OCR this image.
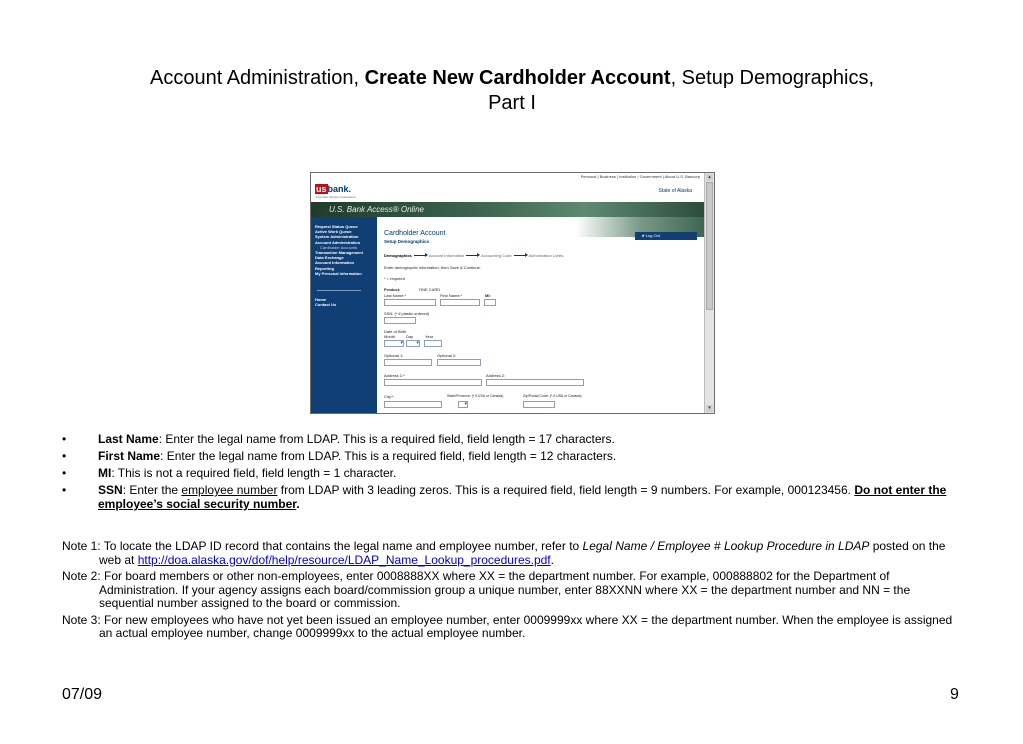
Account Administration, Create New Cardholder Account, Setup Demographics,
Part I
Personal | Business | Institution / Government | About U.S. Bancorp
usbank.
Five Star Service Guaranteed
State of Alaska
U.S. Bank Access® Online
Request Status Queue
Active Work Queue
System Administration
Account Administration
Cardholder Accounts
Transaction Management
Data Exchange
Account Information
Reporting
My Personal Information
Home
Contact Us
Cardholder Account
Setup Demographics
★ Log Out
Demographics	Account Information	Accounting Code	Authorization Limits
Enter demographic information, then Save & Continue.
* = required
Product:	ONE CARD
Last Name:*	First Name:*	MI:
SSN: (* if plastic ordered)
Date of Birth
Month	Day	Year
▾
▾
Optional 1:	Optional 2:
Address 1:*	Address 2:
City:*	State/Province: (* if USA or Canada)	Zip/Postal Code: (* if USA or Canada)
▾
▴
▾
•	Last Name: Enter the legal name from LDAP. This is a required field, field length = 17 characters.
•	First Name: Enter the legal name from LDAP. This is a required field, field length = 12 characters.
•	MI: This is not a required field, field length = 1 character.
•	SSN: Enter the employee number from LDAP with 3 leading zeros. This is a required field, field length = 9 numbers. For example, 000123456. Do not enter the employee’s social security number.
Note 1: To locate the LDAP ID record that contains the legal name and employee number, refer to Legal Name / Employee # Lookup Procedure in LDAP posted on the web at http://doa.alaska.gov/dof/help/resource/LDAP_Name_Lookup_procedures.pdf.
Note 2: For board members or other non-employees, enter 0008888XX where XX = the department number. For example, 000888802 for the Department of Administration. If your agency assigns each board/commission group a unique number, enter 88XXNN where XX = the department number and NN = the sequential number assigned to the board or commission.
Note 3: For new employees who have not yet been issued an employee number, enter 0009999xx where XX = the department number. When the employee is assigned an actual employee number, change 0009999xx to the actual employee number.
07/09	9
